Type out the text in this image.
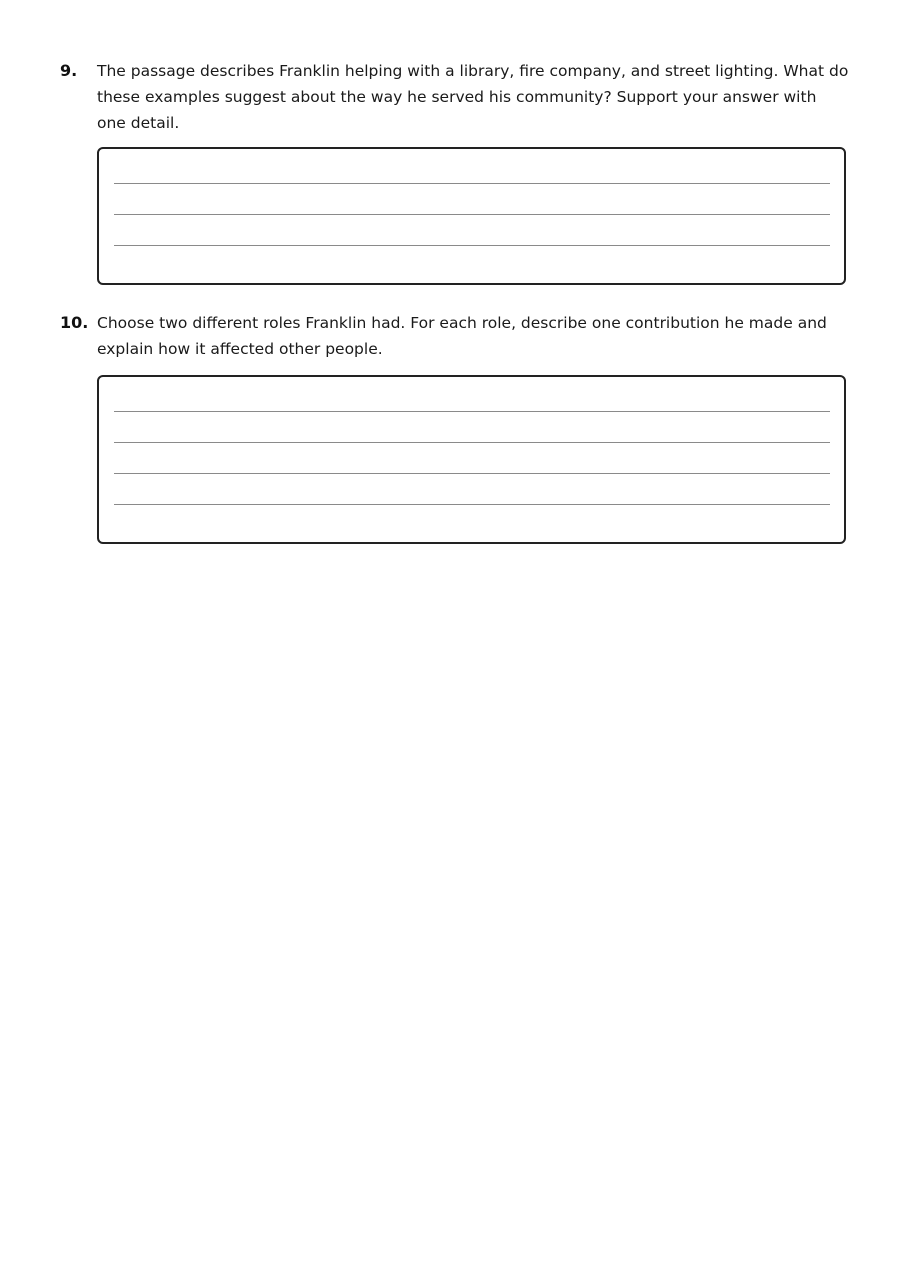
9. The passage describes Franklin helping with a library, fire company, and street lighting. What do these examples suggest about the way he served his community? Support your answer with one detail.
10. Choose two different roles Franklin had. For each role, describe one contribution he made and explain how it affected other people.
